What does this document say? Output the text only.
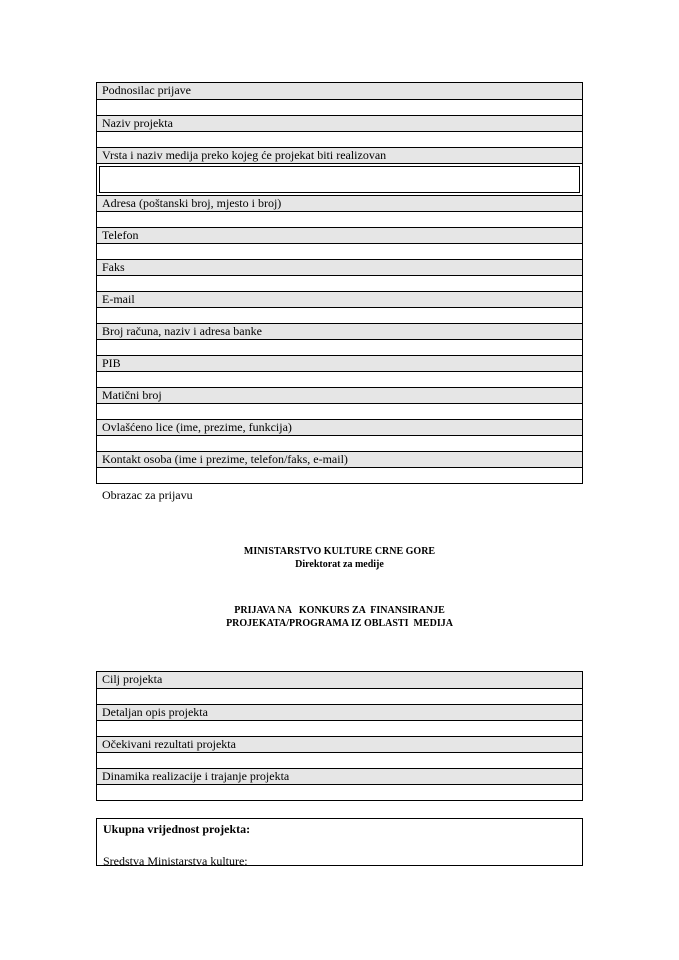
Podnosilac prijave
Naziv projekta
Vrsta i naziv medija preko kojeg će projekat biti realizovan
Adresa (poštanski broj, mjesto i broj)
Telefon
Faks
E-mail
Broj računa, naziv i adresa banke
PIB
Matični broj
Ovlašćeno lice (ime, prezime, funkcija)
Kontakt osoba (ime i prezime, telefon/faks, e-mail)
Obrazac za prijavu
MINISTARSTVO KULTURE CRNE GORE
Direktorat za medije
PRIJAVA NA   KONKURS ZA  FINANSIRANJE
PROJEKATA/PROGRAMA IZ OBLASTI  MEDIJA
Cilj projekta
Detaljan opis projekta
Očekivani rezultati projekta
Dinamika realizacije i trajanje projekta
Ukupna vrijednost projekta:
Sredstva Ministarstva kulture:
